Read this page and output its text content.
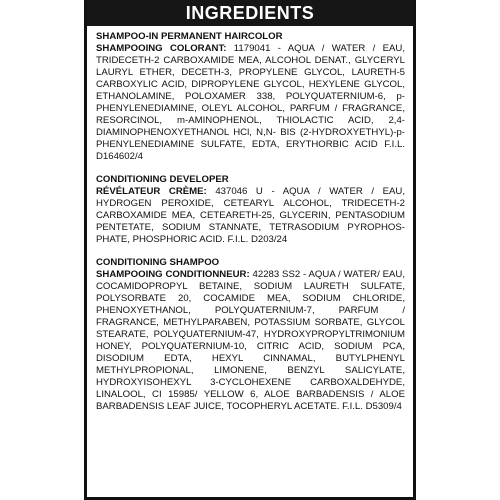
INGREDIENTS
SHAMPOO-IN PERMANENT HAIRCOLOR
SHAMPOOING COLORANT: 1179041 - AQUA / WATER / EAU, TRIDECETH-2 CARBOXAMIDE MEA, ALCOHOL DENAT., GLYCERYL LAURYL ETHER, DECETH-3, PROPYLENE GLYCOL, LAURETH-5 CARBOXYLIC ACID, DIPROPYLENE GLYCOL, HEXYLENE GLYCOL, ETHANOLAMINE, POLOXAMER 338, POLYQUATERNIUM-6, p-PHENYLENEDIAMINE, OLEYL ALCOHOL, PARFUM / FRAGRANCE, RESORCINOL, m-AMINOPHENOL, THIOLACTIC ACID, 2,4-DIAMINOPHENOXYETHANOL HCl, N,N- BIS (2-HYDROXYETHYL)-p-PHENYLENEDIAMINE SULFATE, EDTA, ERYTHORBIC ACID F.I.L. D164602/4
CONDITIONING DEVELOPER
RÉVÉLATEUR CRÈME: 437046 U - AQUA / WATER / EAU, HYDROGEN PEROXIDE, CETEARYL ALCOHOL, TRIDECETH-2 CARBOXAMIDE MEA, CETEARETH-25, GLYCERIN, PENTASODIUM PENTETATE, SODIUM STANNATE, TETRASODIUM PYROPHOS-PHATE, PHOSPHORIC ACID. F.I.L. D203/24
CONDITIONING SHAMPOO
SHAMPOOING CONDITIONNEUR: 42283 SS2 - AQUA / WATER/ EAU, COCAMIDOPROPYL BETAINE, SODIUM LAURETH SULFATE, POLYSORBATE 20, COCAMIDE MEA, SODIUM CHLORIDE, PHENOXYETHANOL, POLYQUATERNIUM-7, PARFUM / FRAGRANCE, METHYLPARABEN, POTASSIUM SORBATE, GLYCOL STEARATE, POLYQUATERNIUM-47, HYDROXYPROPYLTRIMONIUM HONEY, POLYQUATERNIUM-10, CITRIC ACID, SODIUM PCA, DISODIUM EDTA, HEXYL CINNAMAL, BUTYLPHENYL METHYLPROPIONAL, LIMONENE, BENZYL SALICYLATE, HYDROXYISOHEXYL 3-CYCLOHEXENE CARBOXALDEHYDE, LINALOOL, CI 15985/ YELLOW 6, ALOE BARBADENSIS / ALOE BARBADENSIS LEAF JUICE, TOCOPHERYL ACETATE. F.I.L. D5309/4
